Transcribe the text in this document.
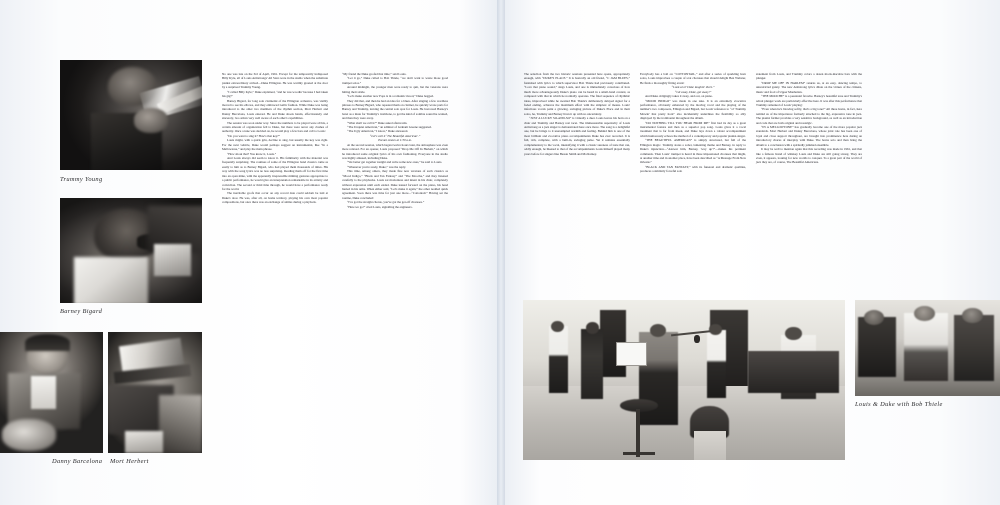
Trummy Young
Barney Bigard
Danny Barcelona Mort Herbert

No one was late on the 3rd of April, 1961. Except for the temporarily indisposed Billy Kyle, all of Louis Armstrongs' All Stars were in the studio when the substitute pianist extraordinary arrived—Duke Ellington. He was warmly greeted at the door by a surprised Trummy Young.

“I called Billy Kyle,” Duke explained, “and he was woodin' because I had taken his gig!”

Barney Bigard, for long sole clarinetist of the Ellington orchestra, was visibly moved to see his elbows, and they embraced Gallic fashion. While Duke was being introduced to the other two members of the rhythm section, Mort Herbert and Danny Barcelona, Louis entered. He and Duke shook hands, affectionately and sincerely, two artists very well aware of each other's capabilities.

The session was soon under way. Since the numbers to be played were all his, a certain amount of organization fell to Duke, but there were never any clashes of authority. Once a tune was decided on, he would play a few bars and call to Louis:

“Do you want to sing it? How's that key?”

Louis might, with a quick grin, decline to sing, but usually the key was right. For the next vehicle, Duke would perhaps suggest an instrumental, like “In a Mellowtone,” and play the main phrase.

“How about that? You know it, Louis.”

And Louis always did seem to know it. His familiarity with the material was frequently surprising. The routines of some of the Ellington band classics came as easily to him as to Barney Bigard, who had played them thousands of times. His way with the song lyrics was no less surprising. Reading them off for the first time into an open mike, with the apparently irrepressible miming gestures appropriate to a public performance, he would give an interpretation remarkable in its artistry and conviction. The second or third time through, he would have a performance ready for the world.

The inevitable goofs that occur on any record date could seldom be laid at Duke's door. He was, after all, on home territory, playing his own most popular compositions, but once there was an exchange of smiles during a playback.

“My friend the Duke goofed that time,” said Louis.

“Let it go,” Duke called to Bob Thiele, “we don't want to waste those good trumpet solos.”

Around midnight, the younger men were ready to quit, but the veterans were hitting their stride.

“Let's make another now Pops is in a romantic mood,” Duke begged.

They did that, and then he had an idea for a blues. After singing a few wordless phrases to Barney Bigard, who repeated them on clarinet, he quickly wrote parts for Barney and Trummy, leaving the central solo spot for Louis. He borrowed Barney's beret as a mute for Trummy's trombone, to get the kind of sombre sound he wanted, and then they were away.

“What shall we call it?” Duke asked afterwards.

“The Unquiet American,” an admirer of Graham Greene suggested.

“The Ugly American,” I know,” Duke answered.

“Let's call it ‘The Beautiful American'.”

Exeunt omnes at 1:30 a.m.

At the second session, which began twelve hours later, the atmosphere was even more relaxed. For an opener, Louis proposed “Drop Me Off In Harlem,” on which he introduced some original lyrics of his own fashioning. Everyone in the studio was highly amused, including Duke.

“We better get together tonight and write some new ones,” he said to Louis.

“Whenever you're ready, Duke,” was the reply.

This time, among others, they made fine new versions of such classics as “Mood Indigo,” “Black and Tan Fantasy” and “The Mooche,” and they listened carefully to the playbacks. Louis sat motionless and intent in his chair, completely without expression until each ended. Duke leaned forward on the piano, his head buried in his arms. When either said, “Let's make it again,” the other nodded quick agreement. Soon there was time for just one more—“Cottontail.” Having set the routine, Duke concluded:

“I've got the straight chorus, you've got the get-off choruses.”

“Here we go!” cried Louis, signalling the engineers.

The selection from the two historic sessions presented here opens, appropriately enough, with “DUKE'S PLACE.” It is basically an old friend, “C JAM BLUES,” furnished with lyrics to which supervisor Bob Thiele had previously contributed. “Love that piano sound,” sings Louis, and one is immediately conscious of how much more advantageously Duke's piano can be heard in a small-band context, as compared with that in which he normally operates. The final sequence of rhythmic ideas, improvised while he awaited Bob Thiele's deliberately delayed signal for a faded ending, achieves the maximum effect with the simplest of means. Louis' infectious vocals paint a glowing, swinging picture of Duke's Place and in their solos, he, Trummy and Barney liven it up with no uncertainty.

“JUST A LUCKY SO-AND-SO” is virtually a duet. Louis leaves his horn on a chair and Trummy and Barney rest tacet. The immeasurable superiority of Louis Armstrong as a jazz singer is demonstrated here once more. The song is a delightful one, but he brings to it unexampled warmth and feeling. Behind him is one of the most brilliant and evocative piano accompaniments Duke has ever recorded. It is full, rich, complete, with a built-in, swinging pulse. Yet it remains essentially complementary to the vocal, intensifying it with a classic sureness of taste that can, oddly enough, be likened to that of the accompaniments Louis himself played many years before for singers like Bessie Smith and Ma Rainey.

Everybody has a ball on “COTTONTAIL,” and after a series of sparkling horn solos, Louis improvises a couple of scat choruses that should delight Ben Webster, He finds a thoroughly fitting event:

“Look at ol' Duke laughin' there.”

“Git away, Duke, get away!”

And Duke obligingly takes it away, and out, on piano.

“MOOD INDIGO” was made in one take. It is an extremely evocative performance, obviously enhanced by the moving vocal and the playing of the number's two composers, Ellington and Bigard, but Louis' reference to “ol' Trummy Mowin' that pretty horn” also incidentally underlines the flexibility so ably displayed by the trombonist throughout the album.

“DO NOTHING TILL YOU HEAR FROM ME” first had its day as a great instrumental feature and then as a superior pop song. Louis gives it a vocal treatment that is far from meek, and Duke lays down a robust accompaniment which humorously echoes the method of a contemporary and popular pianist-singer.

“THE BEAUTIFUL AMERICAN” is simply structured, but full of the Ellington magic. Trummy states a sober, lamenting theme and Barney, in reply to Duke's injunction—“Answer him, Barney, 'way up'!”—makes his pertinent comments. Then Louis' trumpet is heard in three impassioned choruses that might, at another time and in another place, have been described as “A Message From New Orleans.”

“BLACK AND TAN FANTASY,” with its funereal and dramatic qualities, produces a similarly forceful solo

statement from Louis, and Trummy colors a dozen mock-macabre bars with the plunger.

“DROP ME OFF IN HARLEM” returns us, at an easy, dancing tempo, to unrestricted gaiety. The new Armstrong lyrics dilate on the virtues of the citizens, music and food of Upper Manhattan.

“THE MOOCHE” is a perennial favorite. Barney's beautiful tone and Trummy's adroit plunger work are particularly effective here. It was after this performance that Trummy remarked of Louis' playing:

“Even when he's blowing softly, that's a big tone!” All three horns, in fact, here remind us of the importance formerly attached to the big, expressive tone in jazz. The pianist further provides a very sensitive background, as well as an introduction and coda that are both original and nostalgic.

“IN A MELLOWTONE” has gradually become one of the more popular jazz standards. Mort Herbert and Danny Barcelona, whose joint role has been one of loyal and close support throughout, are brought into prominence here during an introductory chorus of interplay with Duke. The horns solo and then bring the album to a conclusion with a spiritedly jammed ensemble.

It may be well to mention again that this recording was made in 1961, and that like a famous brand of whiskey Louis and Duke are still going strong. They are even, it appears, looking for new worlds to conquer. To a great part of the world of jazz they are, of course, The Beautiful Americans.

Louis & Duke with Bob Thiele
